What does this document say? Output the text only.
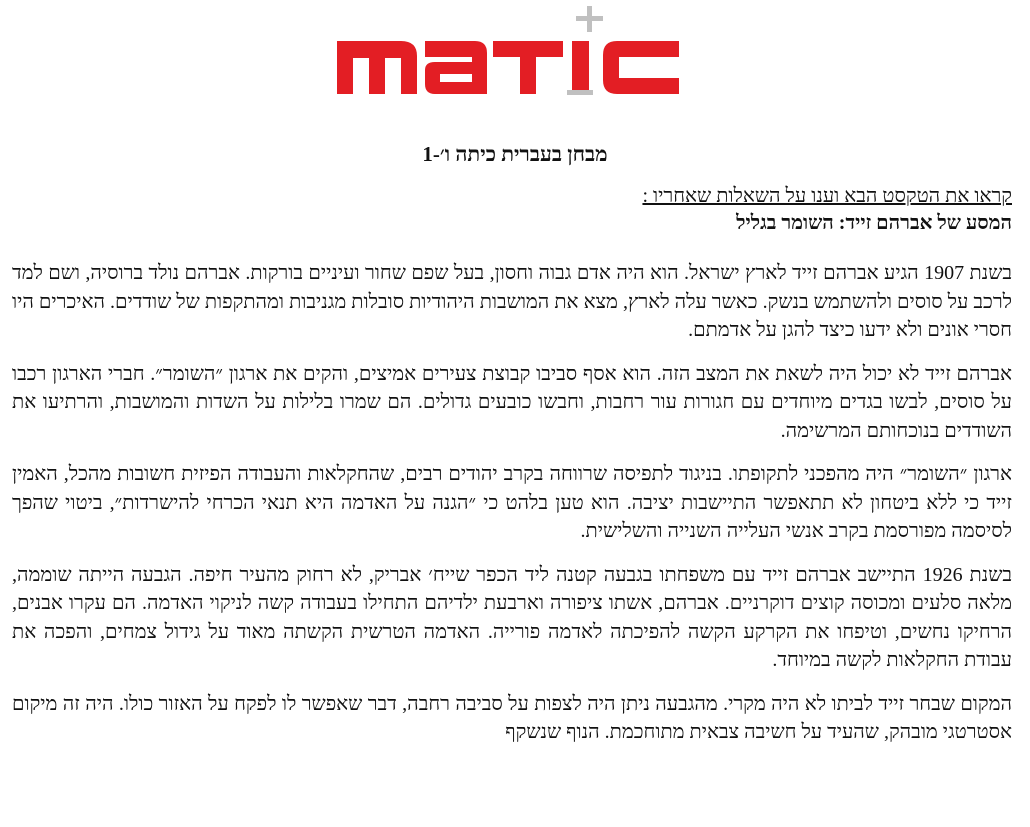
מבחן בעברית כיתה ו׳-1

קראו את הטקסט הבא וענו על השאלות שאחריו :

המסע של אברהם זייד: השומר בגליל

בשנת 1907 הגיע אברהם זייד לארץ ישראל. הוא היה אדם גבוה וחסון, בעל שפם שחור ועיניים בורקות. אברהם נולד ברוסיה, ושם למד לרכב על סוסים ולהשתמש בנשק. כאשר עלה לארץ, מצא את המושבות היהודיות סובלות מגניבות ומהתקפות של שודדים. האיכרים היו חסרי אונים ולא ידעו כיצד להגן על אדמתם.

אברהם זייד לא יכול היה לשאת את המצב הזה. הוא אסף סביבו קבוצת צעירים אמיצים, והקים את ארגון ״השומר״. חברי הארגון רכבו על סוסים, לבשו בגדים מיוחדים עם חגורות עור רחבות, וחבשו כובעים גדולים. הם שמרו בלילות על השדות והמושבות, והרתיעו את השודדים בנוכחותם המרשימה.

ארגון ״השומר״ היה מהפכני לתקופתו. בניגוד לתפיסה שרווחה בקרב יהודים רבים, שהחקלאות והעבודה הפיזית חשובות מהכל, האמין זייד כי ללא ביטחון לא תתאפשר התיישבות יציבה. הוא טען בלהט כי ״הגנה על האדמה היא תנאי הכרחי להישרדות״, ביטוי שהפך לסיסמה מפורסמת בקרב אנשי העלייה השנייה והשלישית.

בשנת 1926 התיישב אברהם זייד עם משפחתו בגבעה קטנה ליד הכפר שייח׳ אבריק, לא רחוק מהעיר חיפה. הגבעה הייתה שוממה, מלאה סלעים ומכוסה קוצים דוקרניים. אברהם, אשתו ציפורה וארבעת ילדיהם התחילו בעבודה קשה לניקוי האדמה. הם עקרו אבנים, הרחיקו נחשים, וטיפחו את הקרקע הקשה להפיכתה לאדמה פורייה. האדמה הטרשית הקשתה מאוד על גידול צמחים, והפכה את עבודת החקלאות לקשה במיוחד.

המקום שבחר זייד לביתו לא היה מקרי. מהגבעה ניתן היה לצפות על סביבה רחבה, דבר שאפשר לו לפקח על האזור כולו. היה זה מיקום אסטרטגי מובהק, שהעיד על חשיבה צבאית מתוחכמת. הנוף שנשקף
